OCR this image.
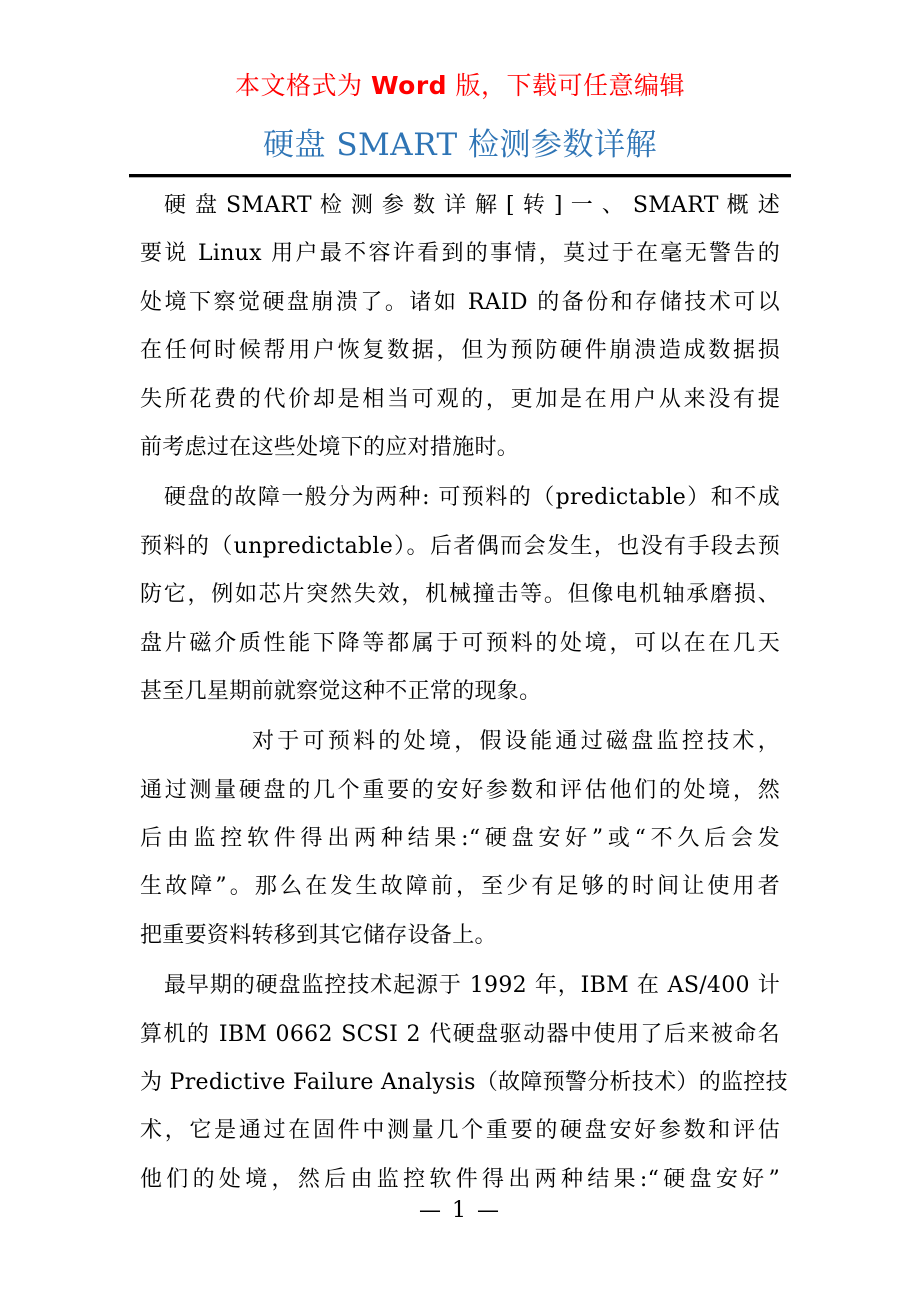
本文格式为 Word 版，下载可任意编辑
硬盘 SMART 检测参数详解
硬 盘 SMART 检 测 参 数 详 解 [ 转 ] 一 、 SMART 概 述
要说 Linux 用户最不容许看到的事情，莫过于在毫无警告的
处境下察觉硬盘崩溃了。诸如 RAID 的备份和存储技术可以
在任何时候帮用户恢复数据，但为预防硬件崩溃造成数据损
失所花费的代价却是相当可观的，更加是在用户从来没有提
前考虑过在这些处境下的应对措施时。
硬盘的故障一般分为两种: 可预料的（predictable）和不成
预料的（unpredictable）。后者偶而会发生，也没有手段去预
防它，例如芯片突然失效，机械撞击等。但像电机轴承磨损、
盘片磁介质性能下降等都属于可预料的处境，可以在在几天
甚至几星期前就察觉这种不正常的现象。
对于可预料的处境，假设能通过磁盘监控技术，
通过测量硬盘的几个重要的安好参数和评估他们的处境，然
后由监控软件得出两种结果:“硬盘安好”或“不久后会发
生故障”。那么在发生故障前，至少有足够的时间让使用者
把重要资料转移到其它储存设备上。
最早期的硬盘监控技术起源于 1992 年，IBM 在 AS/400 计
算机的 IBM 0662 SCSI 2 代硬盘驱动器中使用了后来被命名
为 Predictive Failure Analysis（故障预警分析技术）的监控技
术，它是通过在固件中测量几个重要的硬盘安好参数和评估
他们的处境，然后由监控软件得出两种结果:“硬盘安好”
— 1 —
